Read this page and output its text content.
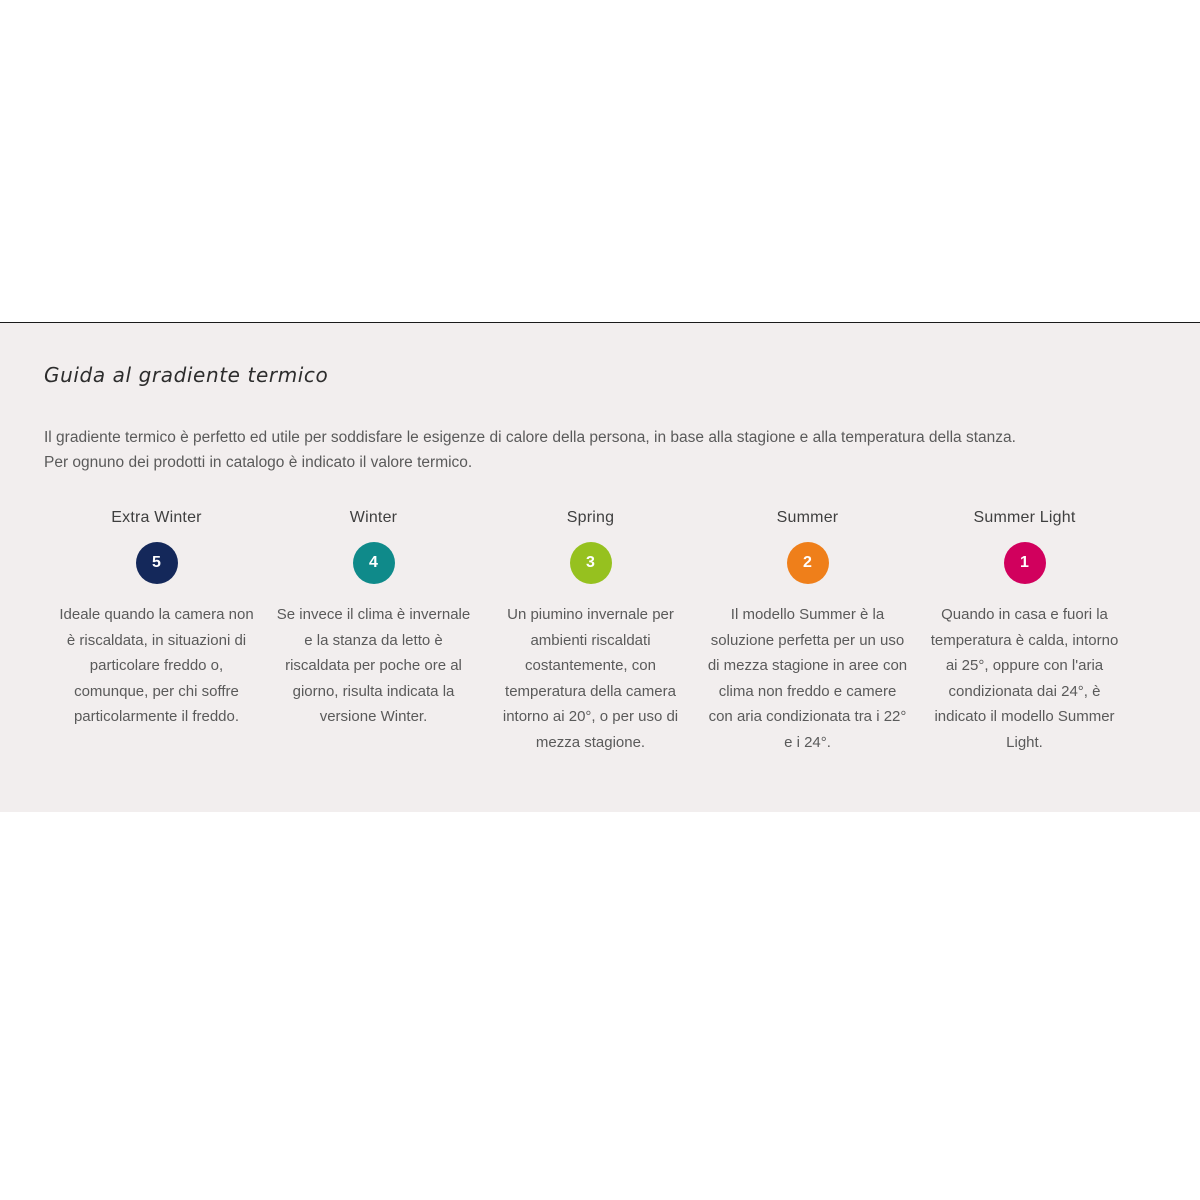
Guida al gradiente termico
Il gradiente termico è perfetto ed utile per soddisfare le esigenze di calore della persona, in base alla stagione e alla temperatura della stanza.
Per ognuno dei prodotti in catalogo è indicato il valore termico.
Extra Winter
5
Ideale quando la camera non è riscaldata, in situazioni di particolare freddo o, comunque, per chi soffre particolarmente il freddo.
Winter
4
Se invece il clima è invernale e la stanza da letto è riscaldata per poche ore al giorno, risulta indicata la versione Winter.
Spring
3
Un piumino invernale per ambienti riscaldati costantemente, con temperatura della camera intorno ai 20°, o per uso di mezza stagione.
Summer
2
Il modello Summer è la soluzione perfetta per un uso di mezza stagione in aree con clima non freddo e camere con aria condizionata tra i 22° e i 24°.
Summer Light
1
Quando in casa e fuori la temperatura è calda, intorno ai 25°, oppure con l'aria condizionata dai 24°, è indicato il modello Summer Light.
